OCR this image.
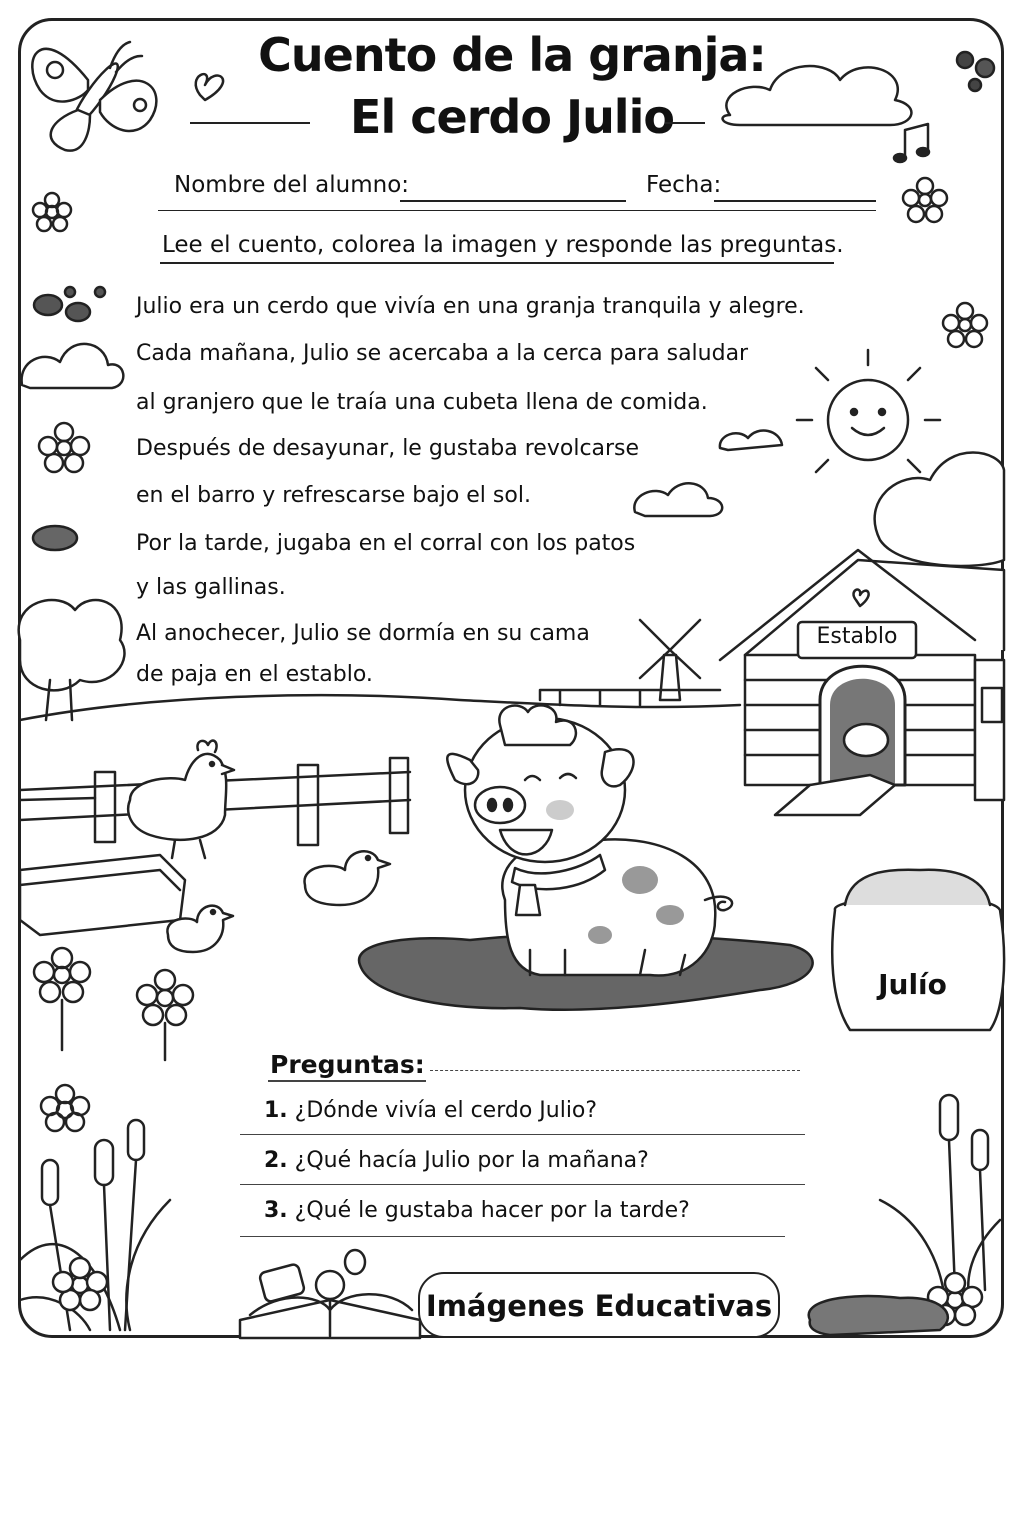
Cuento de la granja:
El cerdo Julio
Nombre del alumno:	Fecha:
Lee el cuento, colorea la imagen y responde las preguntas.
Julio era un cerdo que vivía en una granja tranquila y alegre.
Cada mañana, Julio se acercaba a la cerca para saludar
al granjero que le traía una cubeta llena de comida.
Después de desayunar, le gustaba revolcarse
en el barro y refrescarse bajo el sol.
Por la tarde, jugaba en el corral con los patos
y las gallinas.
Al anochecer, Julio se dormía en su cama
de paja en el establo.
Establo
Julío
Preguntas:
1. ¿Dónde vivía el cerdo Julio?
2. ¿Qué hacía Julio por la mañana?
3. ¿Qué le gustaba hacer por la tarde?
Imágenes Educativas
